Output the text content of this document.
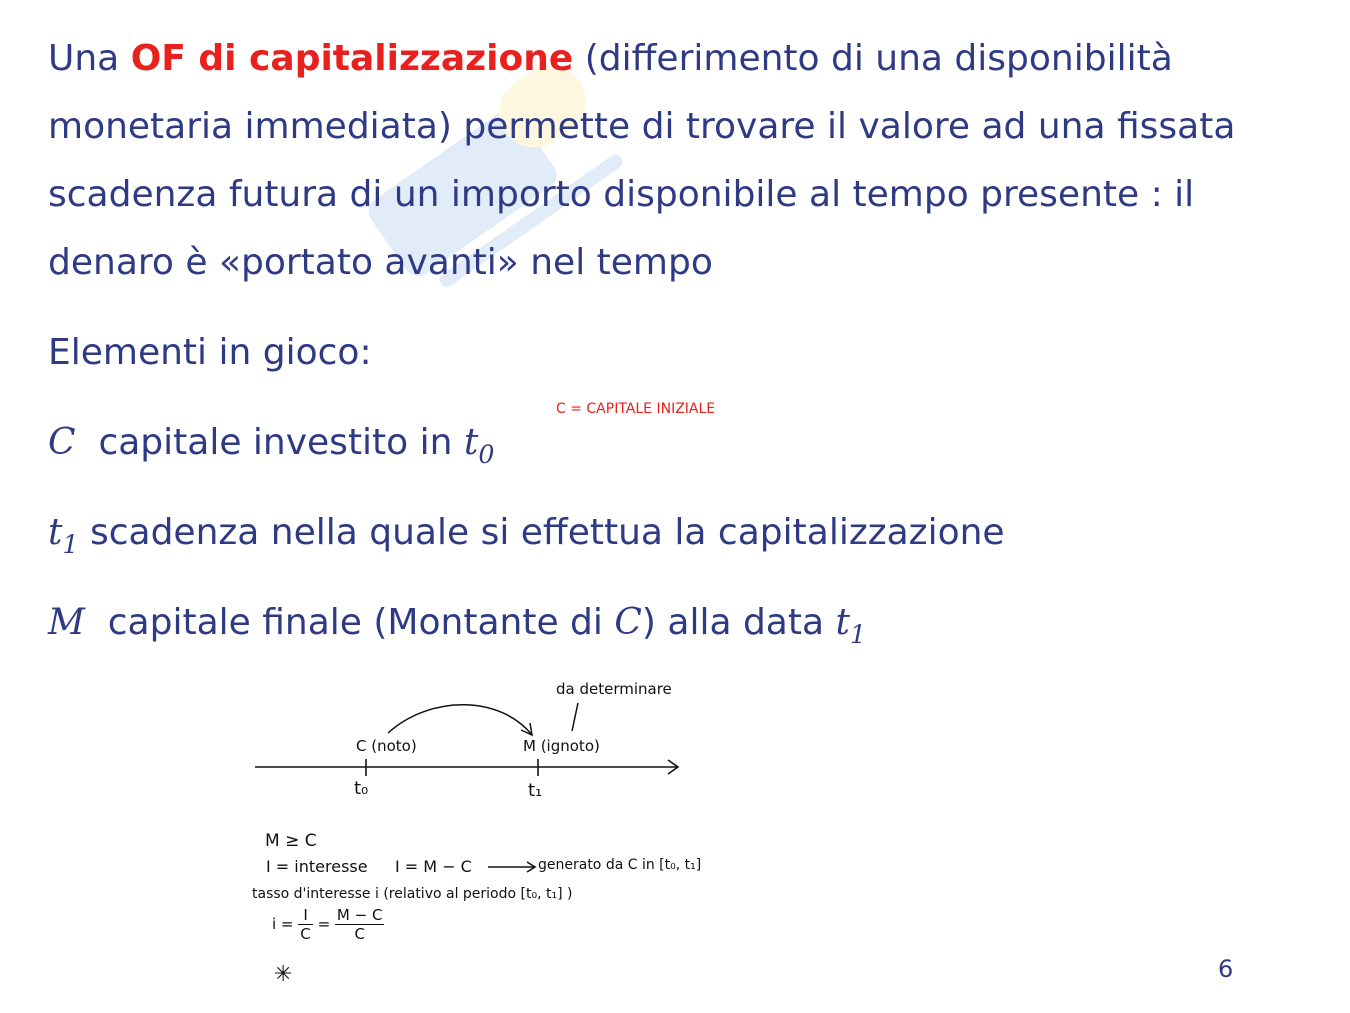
Una OF di capitalizzazione (differimento di una disponibilità
monetaria immediata) permette di trovare il valore ad una fissata
scadenza futura di un importo disponibile al tempo presente : il
denaro è «portato avanti» nel tempo
Elementi in gioco:
C capitale investito in $t_0$
C = CAPITALE INIZIALE
$t_1$ scadenza nella quale si effettua la capitalizzazione
M capitale finale (Montante di C) alla data $t_1$
da determinare
C (noto)	M (ignoto)
t₀	t₁
M ≥ C
I = interesse I = M − C	generato da C in [t₀, t₁]
tasso d'interesse i (relativo al periodo [t₀, t₁] )
$i = \frac{I}{C} = \frac{M - C}{C}$
✳	6
